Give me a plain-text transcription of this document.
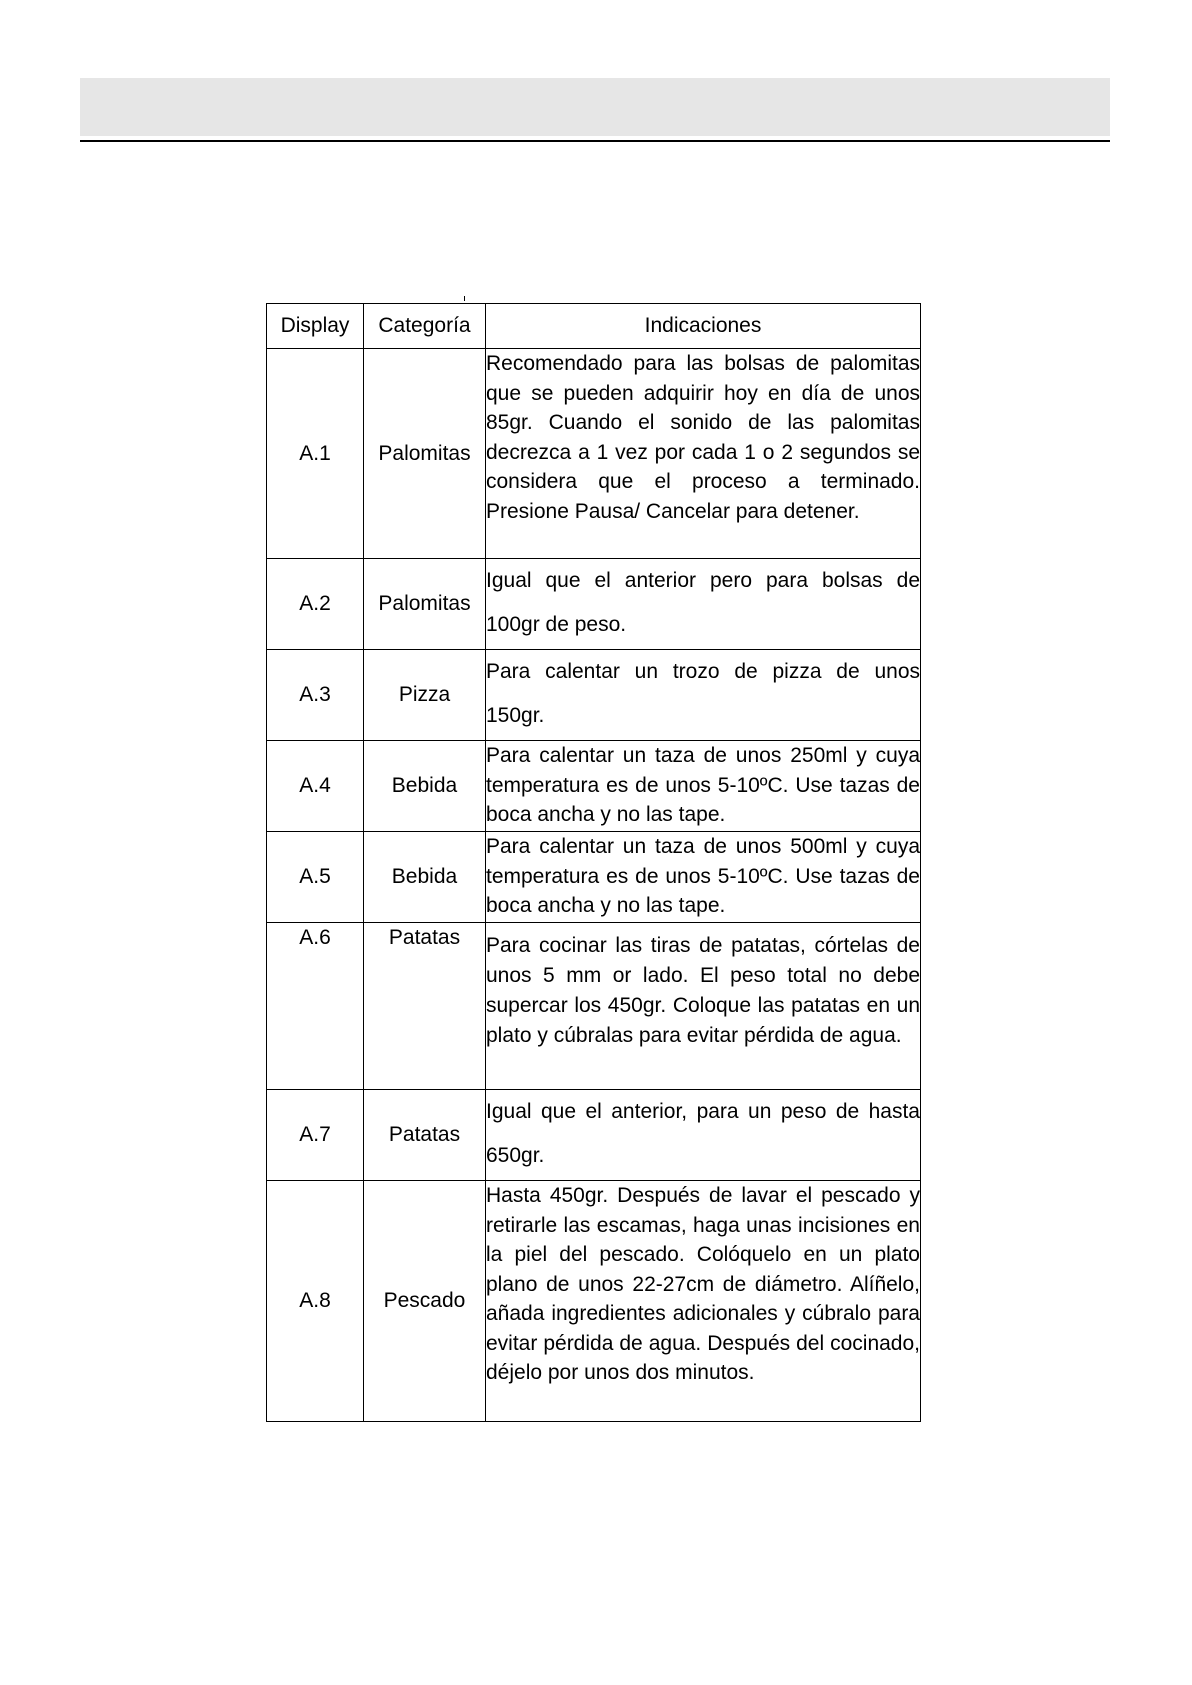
Display	Categoría	Indicaciones
A.1	Palomitas	Recomendado para las bolsas de palomitas que se pueden adquirir hoy en día de unos 85gr. Cuando el sonido de las palomitas decrezca a 1 vez por cada 1 o 2 segundos se considera que el proceso a terminado. Presione Pausa/ Cancelar para detener.
A.2	Palomitas	Igual que el anterior pero para bolsas de 100gr de peso.
A.3	Pizza	Para calentar un trozo de pizza de unos 150gr.
A.4	Bebida	Para calentar un taza de unos 250ml y cuya temperatura es de unos 5-10ºC. Use tazas de boca ancha y no las tape.
A.5	Bebida	Para calentar un taza de unos 500ml y cuya temperatura es de unos 5-10ºC. Use tazas de boca ancha y no las tape.
A.6	Patatas	Para cocinar las tiras de patatas, córtelas de unos 5 mm or lado. El peso total no debe supercar los 450gr. Coloque las patatas en un plato y cúbralas para evitar pérdida de agua.
A.7	Patatas	Igual que el anterior, para un peso de hasta 650gr.
A.8	Pescado	Hasta 450gr. Después de lavar el pescado y retirarle las escamas, haga unas incisiones en la piel del pescado. Colóquelo en un plato plano de unos 22-27cm de diámetro. Alíñelo, añada ingredientes adicionales y cúbralo para evitar pérdida de agua. Después del cocinado, déjelo por unos dos minutos.
